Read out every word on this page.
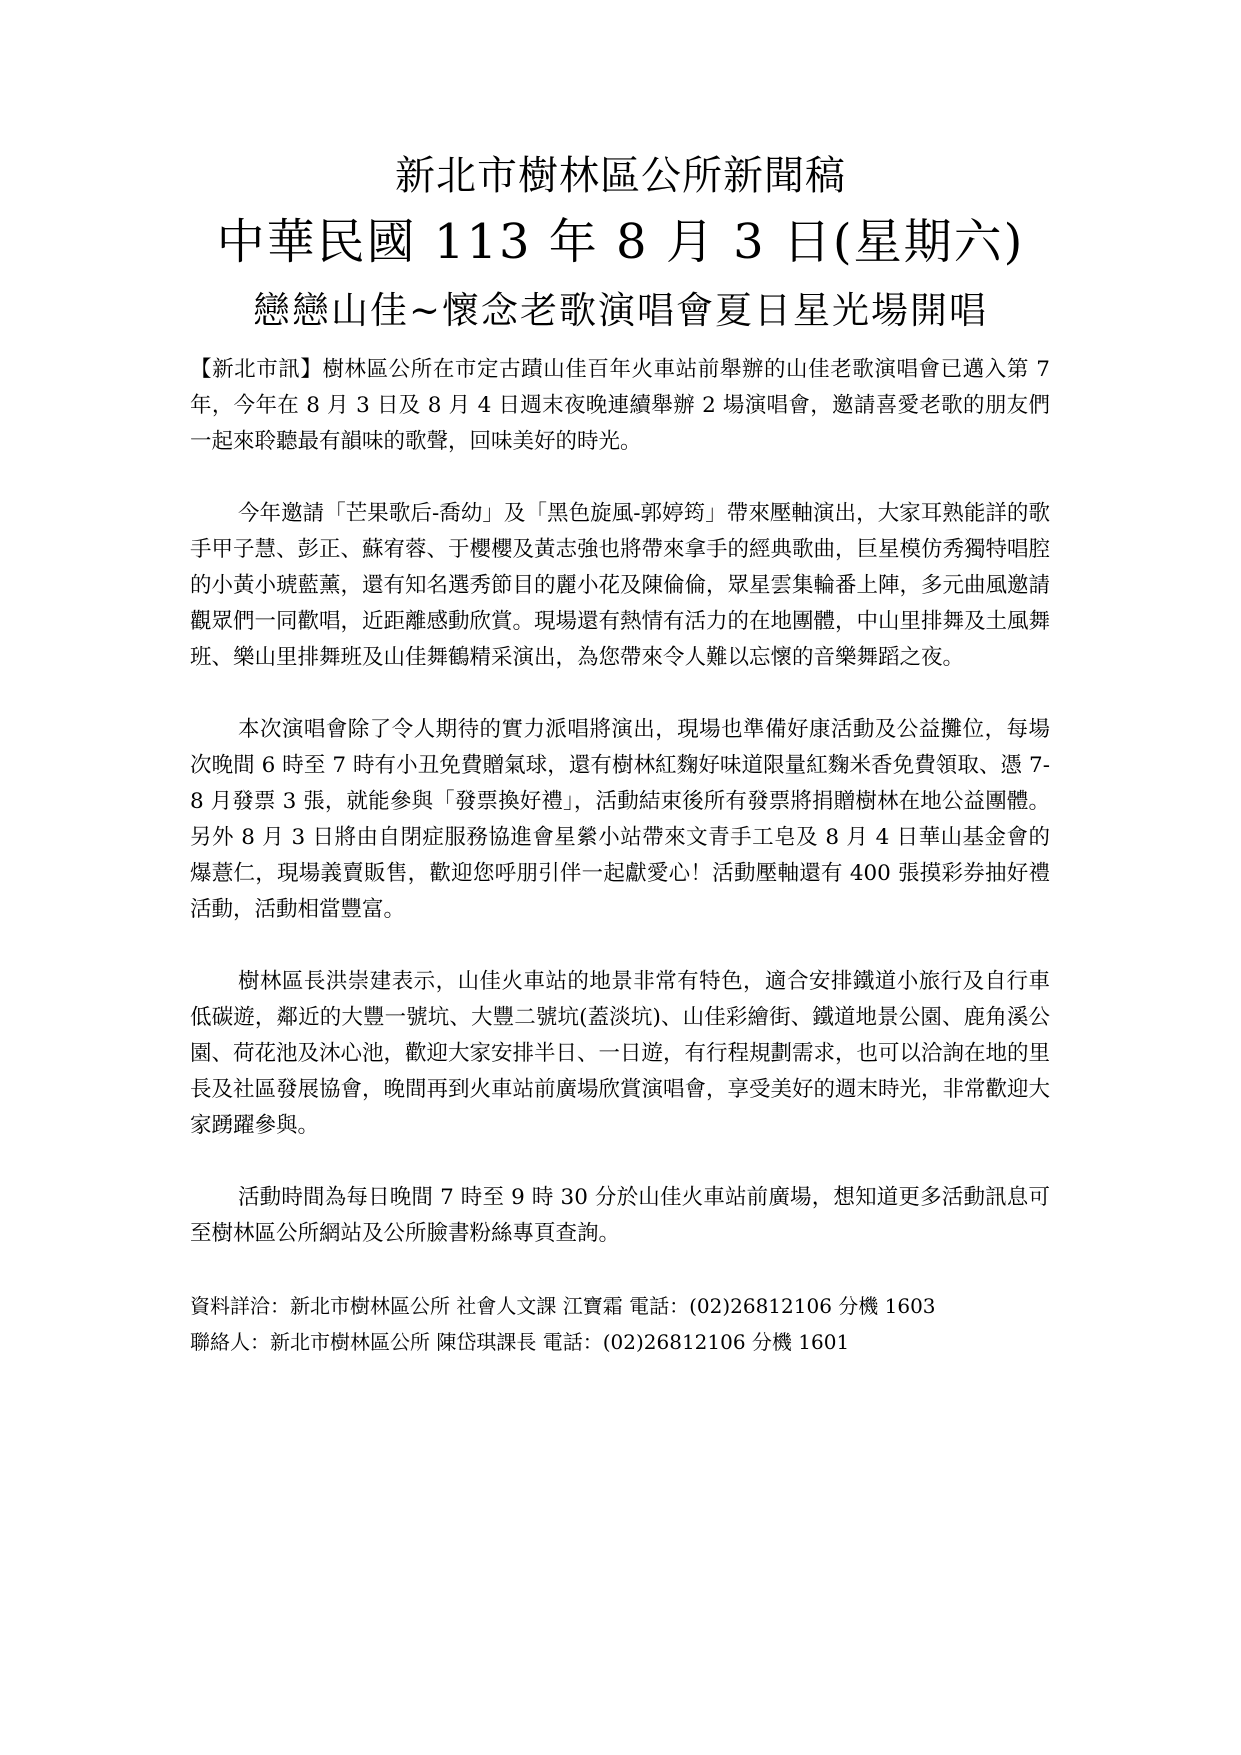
新北市樹林區公所新聞稿
中華民國 113 年 8 月 3 日(星期六)
戀戀山佳~懷念老歌演唱會夏日星光場開唱

【新北市訊】樹林區公所在市定古蹟山佳百年火車站前舉辦的山佳老歌演唱會已邁入第 7 年，今年在 8 月 3 日及 8 月 4 日週末夜晚連續舉辦 2 場演唱會，邀請喜愛老歌的朋友們一起來聆聽最有韻味的歌聲，回味美好的時光。

今年邀請「芒果歌后-喬幼」及「黑色旋風-郭婷筠」帶來壓軸演出，大家耳熟能詳的歌手甲子慧、彭正、蘇宥蓉、于櫻櫻及黃志強也將帶來拿手的經典歌曲，巨星模仿秀獨特唱腔的小黃小琥藍薰，還有知名選秀節目的麗小花及陳倫倫，眾星雲集輪番上陣，多元曲風邀請觀眾們一同歡唱，近距離感動欣賞。現場還有熱情有活力的在地團體，中山里排舞及土風舞班、樂山里排舞班及山佳舞鶴精采演出，為您帶來令人難以忘懷的音樂舞蹈之夜。

本次演唱會除了令人期待的實力派唱將演出，現場也準備好康活動及公益攤位，每場次晚間 6 時至 7 時有小丑免費贈氣球，還有樹林紅麴好味道限量紅麴米香免費領取、憑 7-8 月發票 3 張，就能參與「發票換好禮」，活動結束後所有發票將捐贈樹林在地公益團體。另外 8 月 3 日將由自閉症服務協進會星縈小站帶來文青手工皂及 8 月 4 日華山基金會的爆薏仁，現場義賣販售，歡迎您呼朋引伴一起獻愛心！活動壓軸還有 400 張摸彩券抽好禮活動，活動相當豐富。

樹林區長洪崇建表示，山佳火車站的地景非常有特色，適合安排鐵道小旅行及自行車低碳遊，鄰近的大豐一號坑、大豐二號坑(蓋淡坑)、山佳彩繪街、鐵道地景公園、鹿角溪公園、荷花池及沐心池，歡迎大家安排半日、一日遊，有行程規劃需求，也可以洽詢在地的里長及社區發展協會，晚間再到火車站前廣場欣賞演唱會，享受美好的週末時光，非常歡迎大家踴躍參與。

活動時間為每日晚間 7 時至 9 時 30 分於山佳火車站前廣場，想知道更多活動訊息可至樹林區公所網站及公所臉書粉絲專頁查詢。

資料詳洽：新北市樹林區公所 社會人文課 江寶霜 電話：(02)26812106 分機 1603

聯絡人：新北市樹林區公所 陳岱琪課長 電話：(02)26812106 分機 1601
